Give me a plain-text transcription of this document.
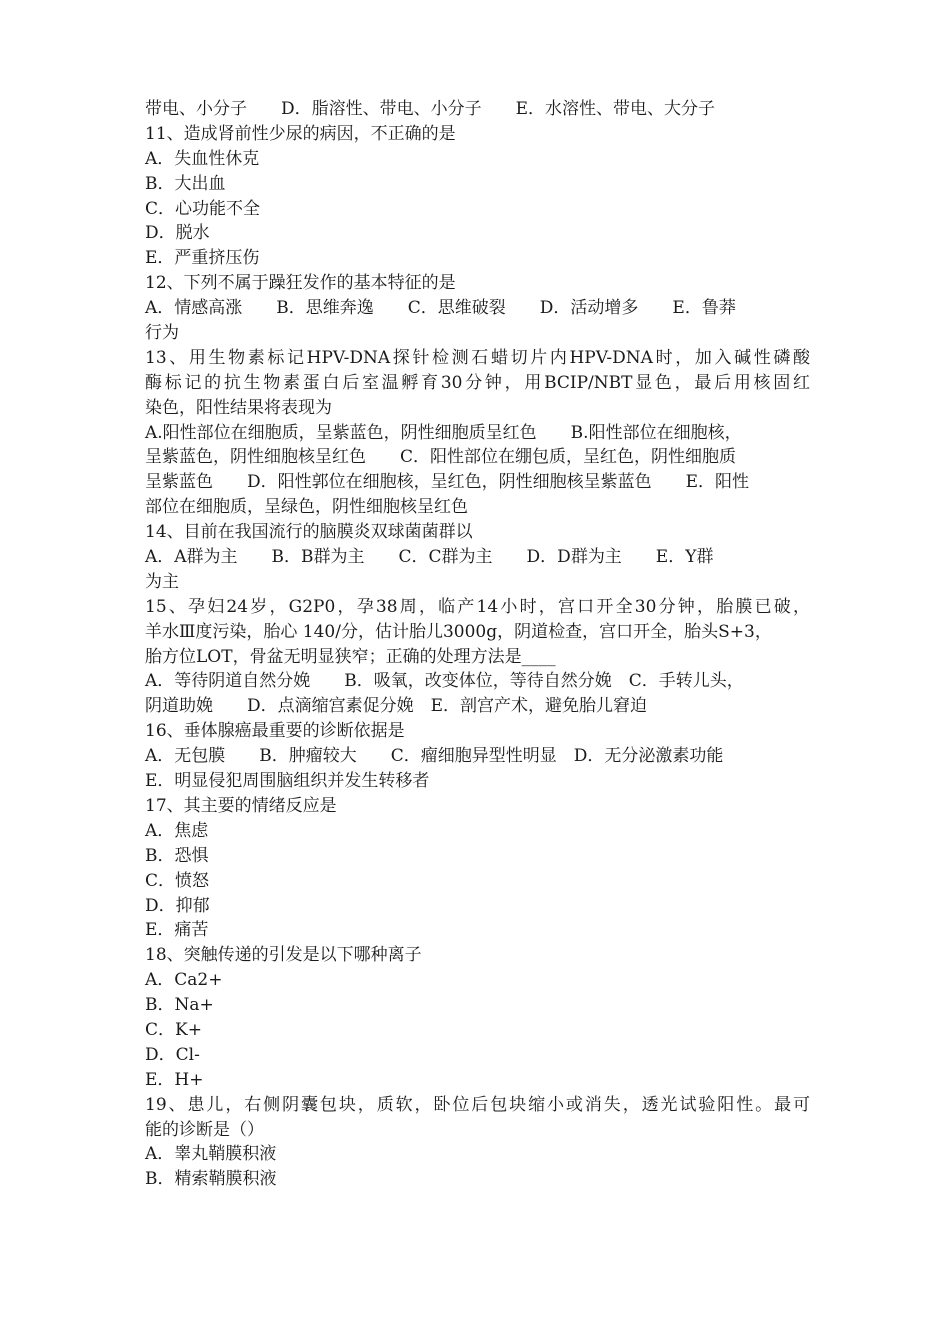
带电、小分子　　D．脂溶性、带电、小分子　　E．水溶性、带电、大分子
11、造成肾前性少尿的病因，不正确的是
A．失血性休克
B．大出血
C．心功能不全
D．脱水
E．严重挤压伤
12、下列不属于躁狂发作的基本特征的是
A．情感高涨　　B．思维奔逸　　C．思维破裂　　D．活动增多　　E．鲁莽
行为
13、用生物素标记HPV-DNA探针检测石蜡切片内HPV-DNA时，加入碱性磷酸
酶标记的抗生物素蛋白后室温孵育30分钟，用BCIP/NBT显色，最后用核固红
染色，阳性结果将表现为
A.阳性部位在细胞质，呈紫蓝色，阴性细胞质呈红色　　B.阳性部位在细胞核，
呈紫蓝色，阴性细胞核呈红色　　C．阳性部位在绷包质，呈红色，阴性细胞质
呈紫蓝色　　D．阳性郭位在细胞核，呈红色，阴性细胞核呈紫蓝色　　E．阳性
部位在细胞质，呈绿色，阴性细胞核呈红色
14、目前在我国流行的脑膜炎双球菌菌群以
A．A群为主　　B．B群为主　　C．C群为主　　D．D群为主　　E．Y群
为主
15、孕妇24岁，G2P0，孕38周，临产14小时，宫口开全30分钟，胎膜已破，
羊水Ⅲ度污染，胎心 140/分，估计胎儿3000g，阴道检查，宫口开全，胎头S+3，
胎方位LOT，骨盆无明显狭窄；正确的处理方法是____
A．等待阴道自然分娩　　B．吸氧，改变体位，等待自然分娩　C．手转儿头，
阴道助娩　　D．点滴缩宫素促分娩　E．剖宫产术，避免胎儿窘迫
16、垂体腺癌最重要的诊断依据是
A．无包膜　　B．肿瘤较大　　C．瘤细胞异型性明显　D．无分泌激素功能
E．明显侵犯周围脑组织并发生转移者
17、其主要的情绪反应是
A．焦虑
B．恐惧
C．愤怒
D．抑郁
E．痛苦
18、突触传递的引发是以下哪种离子
A．Ca2+
B．Na+
C．K+
D．Cl-
E．H+
19、患儿，右侧阴囊包块，质软，卧位后包块缩小或消失，透光试验阳性。最可
能的诊断是（）
A．睾丸鞘膜积液
B．精索鞘膜积液
